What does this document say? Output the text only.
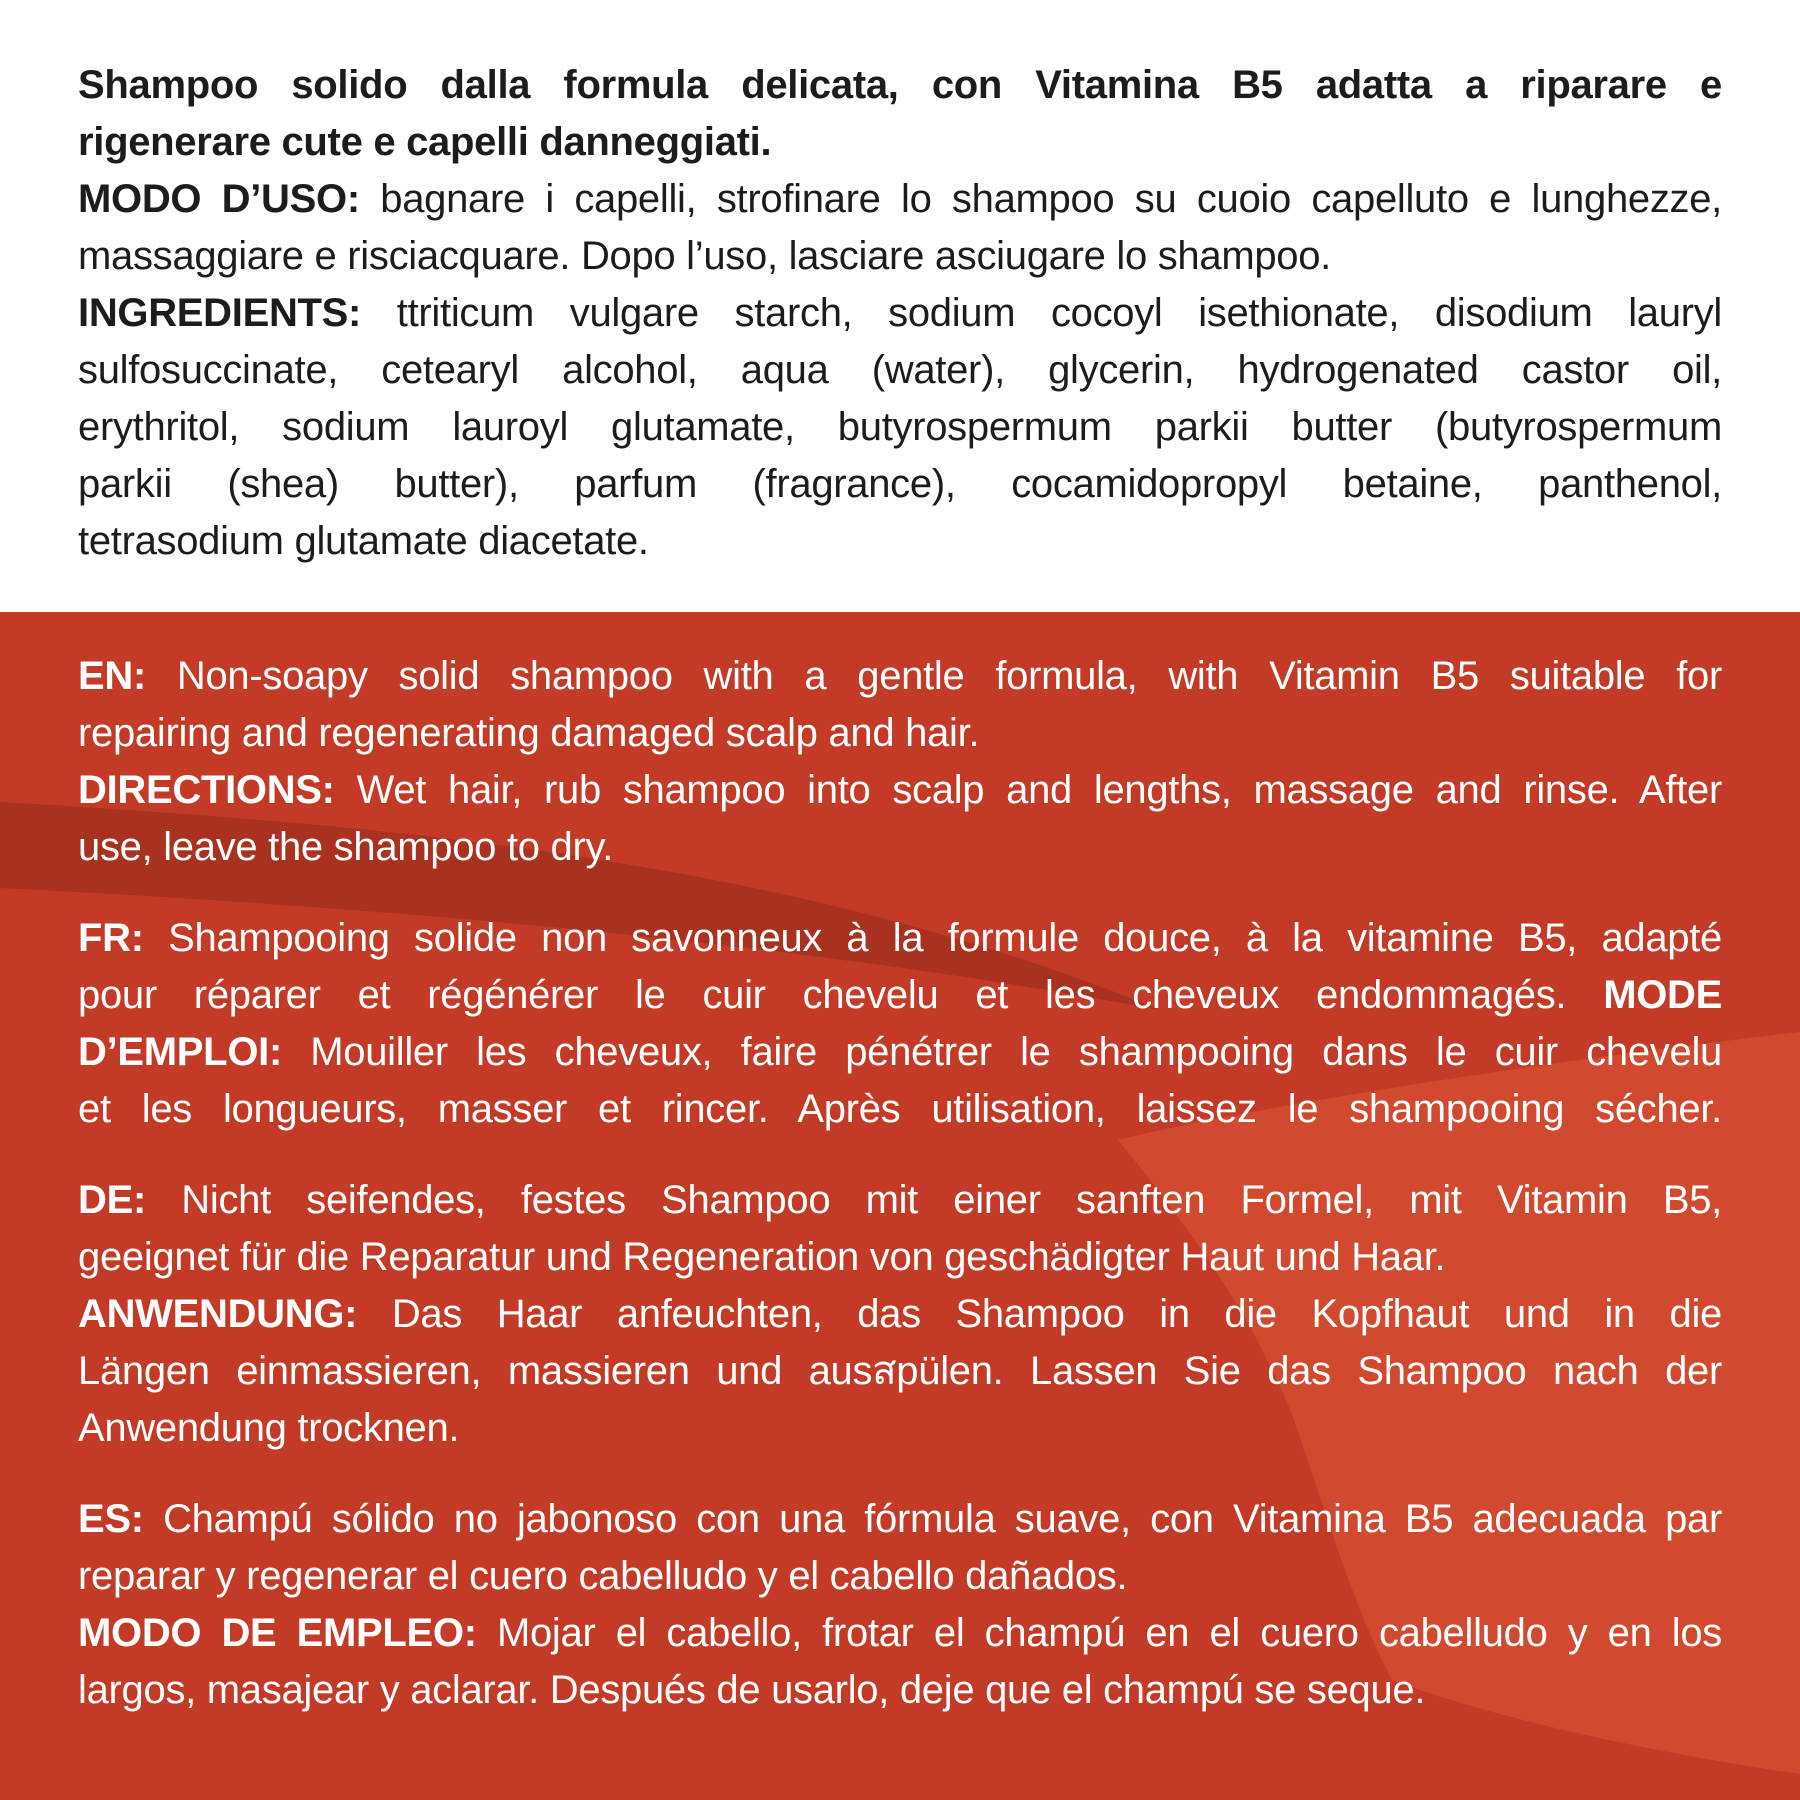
Shampoo solido dalla formula delicata, con Vitamina B5 adatta a riparare e
rigenerare cute e capelli danneggiati.
MODO D’USO: bagnare i capelli, strofinare lo shampoo su cuoio capelluto e lunghezze,
massaggiare e risciacquare. Dopo l’uso, lasciare asciugare lo shampoo.
INGREDIENTS: ttriticum vulgare starch, sodium cocoyl isethionate, disodium lauryl
sulfosuccinate, cetearyl alcohol, aqua (water), glycerin, hydrogenated castor oil,
erythritol, sodium lauroyl glutamate, butyrospermum parkii butter (butyrospermum
parkii (shea) butter), parfum (fragrance), cocamidopropyl betaine, panthenol,
tetrasodium glutamate diacetate.
EN: Non-soapy solid shampoo with a gentle formula, with Vitamin B5 suitable for
repairing and regenerating damaged scalp and hair.
DIRECTIONS: Wet hair, rub shampoo into scalp and lengths, massage and rinse. After
use, leave the shampoo to dry.
FR: Shampooing solide non savonneux à la formule douce, à la vitamine B5, adapté
pour réparer et régénérer le cuir chevelu et les cheveux endommagés. MODE
D’EMPLOI: Mouiller les cheveux, faire pénétrer le shampooing dans le cuir chevelu
et les longueurs, masser et rincer. Après utilisation, laissez le shampooing sécher.
DE: Nicht seifendes, festes Shampoo mit einer sanften Formel, mit Vitamin B5,
geeignet für die Reparatur und Regeneration von geschädigter Haut und Haar.
ANWENDUNG: Das Haar anfeuchten, das Shampoo in die Kopfhaut und in die
Längen einmassieren, massieren und ausสpülen. Lassen Sie das Shampoo nach der
Anwendung trocknen.
ES: Champú sólido no jabonoso con una fórmula suave, con Vitamina B5 adecuada par
reparar y regenerar el cuero cabelludo y el cabello dañados.
MODO DE EMPLEO: Mojar el cabello, frotar el champú en el cuero cabelludo y en los
largos, masajear y aclarar. Después de usarlo, deje que el champú se seque.
